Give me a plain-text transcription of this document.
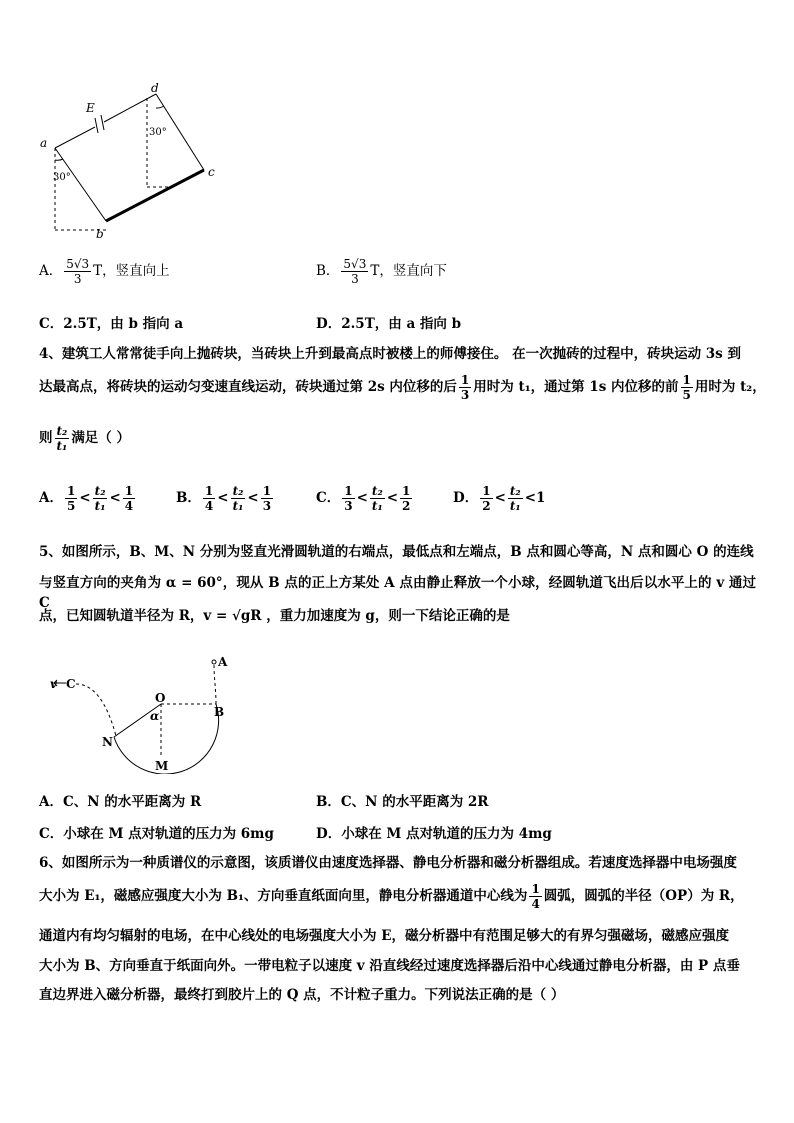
E
a
b
c
d
30°
30°
A． $\frac{5√3}{3}$ T，竖直向上	B． $\frac{5√3}{3}$ T，竖直向下
C．2.5T，由 b 指向 a	D．2.5T，由 a 指向 b
4、建筑工人常常徒手向上抛砖块，当砖块上升到最高点时被楼上的师傅接住。 在一次抛砖的过程中，砖块运动 3s 到
达最高点，将砖块的运动匀变速直线运动，砖块通过第 2s 内位移的后 $\frac{1}{3}$ 用时为 t₁，通过第 1s 内位移的前 $\frac{1}{5}$ 用时为 t₂，
则 $\frac{\text{t₂}}{\text{t₁}}$ 满足（ ）
A． $\frac{1}{5} < \frac{\text{t₂}}{\text{t₁}} < \frac{1}{4}$	B． $\frac{1}{4} < \frac{\text{t₂}}{\text{t₁}} < \frac{1}{3}$	C． $\frac{1}{3} < \frac{\text{t₂}}{\text{t₁}} < \frac{1}{2}$	D． $\frac{1}{2} < \frac{\text{t₂}}{\text{t₁}} <1$
5、如图所示，B、M、N 分别为竖直光滑圆轨道的右端点，最低点和左端点，B 点和圆心等高，N 点和圆心 O 的连线
与竖直方向的夹角为 α = 60°，现从 B 点的正上方某处 A 点由静止释放一个小球，经圆轨道飞出后以水平上的 v 通过 C
点，已知圆轨道半径为 R，v = √gR ，重力加速度为 g，则一下结论正确的是
v C
O
A
B
N
M
α
A．C、N 的水平距离为 R	B．C、N 的水平距离为 2R
C．小球在 M 点对轨道的压力为 6mg	D．小球在 M 点对轨道的压力为 4mg
6、如图所示为一种质谱仪的示意图，该质谱仪由速度选择器、静电分析器和磁分析器组成。若速度选择器中电场强度
大小为 E₁，磁感应强度大小为 B₁、方向垂直纸面向里，静电分析器通道中心线为 $\frac{1}{4}$ 圆弧，圆弧的半径（OP）为 R，
通道内有均匀辐射的电场，在中心线处的电场强度大小为 E，磁分析器中有范围足够大的有界匀强磁场，磁感应强度
大小为 B、方向垂直于纸面向外。一带电粒子以速度 v 沿直线经过速度选择器后沿中心线通过静电分析器，由 P 点垂
直边界进入磁分析器，最终打到胶片上的 Q 点，不计粒子重力。下列说法正确的是（ ）
